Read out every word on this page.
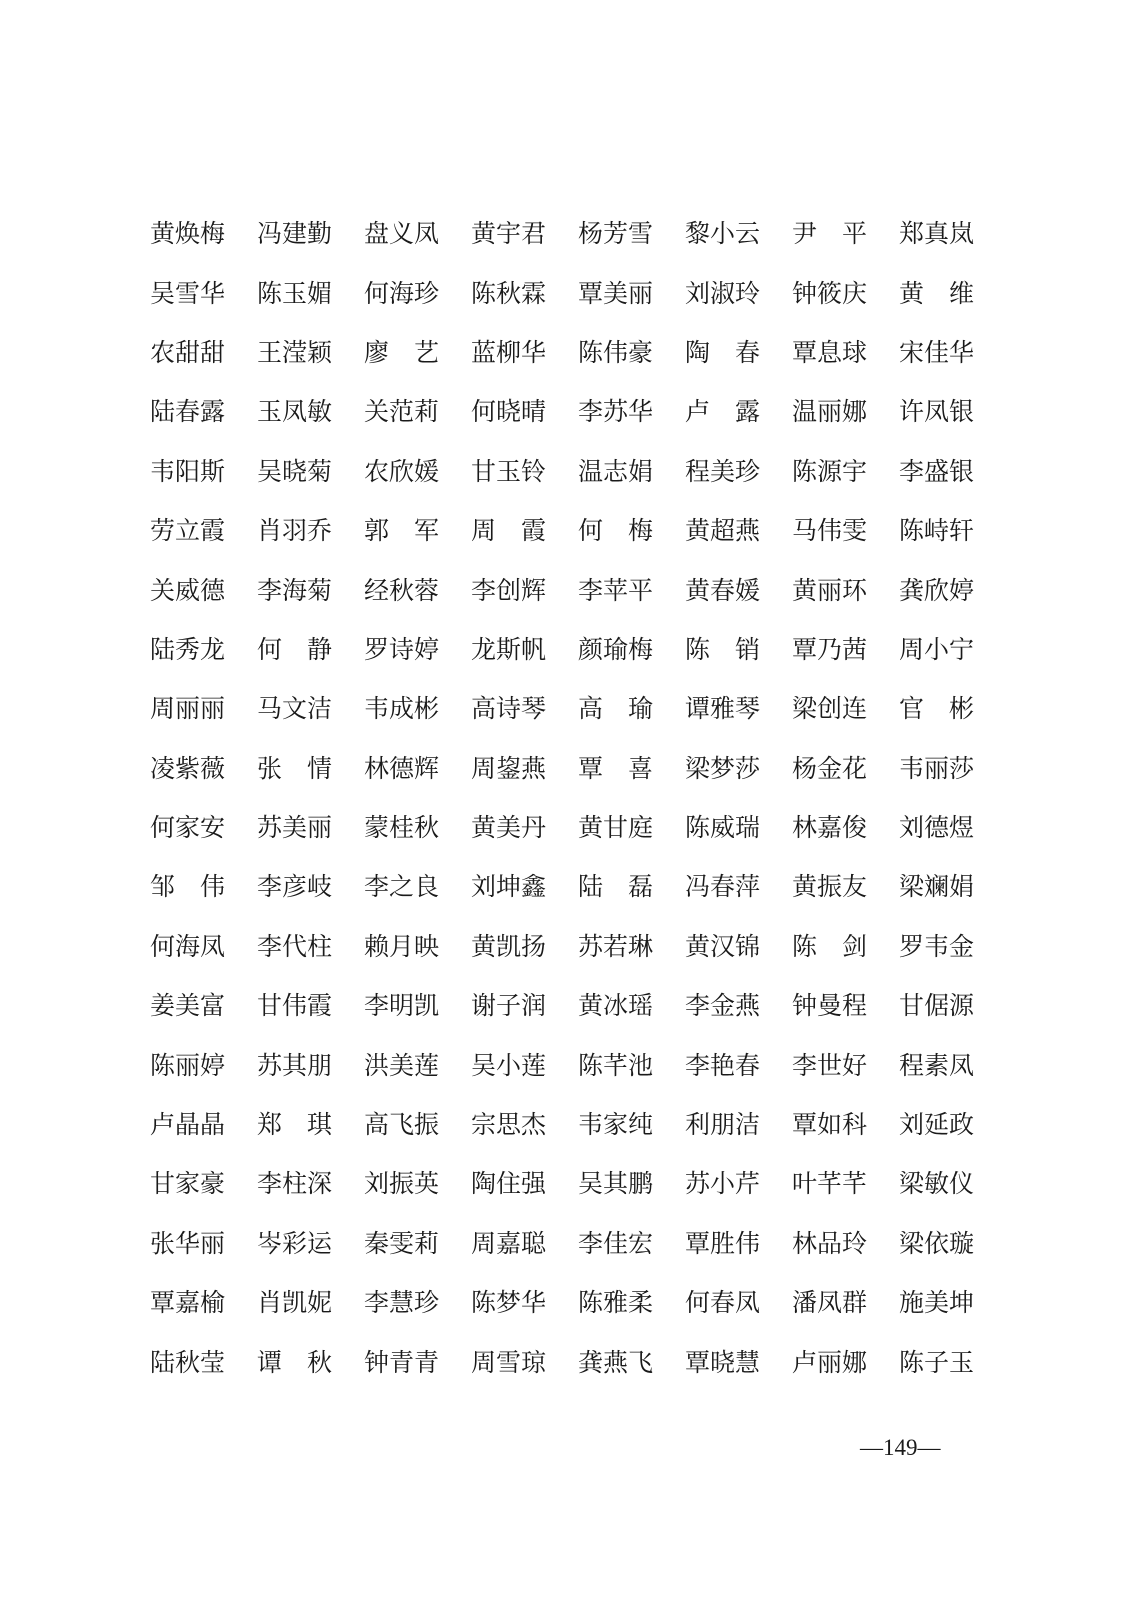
黄焕梅 冯建勤 盘义凤 黄宇君 杨芳雪 黎小云 尹　平 郑真岚
吴雪华 陈玉媚 何海珍 陈秋霖 覃美丽 刘淑玲 钟筱庆 黄　维
农甜甜 王滢颖 廖　艺 蓝柳华 陈伟豪 陶　春 覃息球 宋佳华
陆春露 玉凤敏 关范莉 何晓晴 李苏华 卢　露 温丽娜 许凤银
韦阳斯 吴晓菊 农欣媛 甘玉铃 温志娟 程美珍 陈源宇 李盛银
劳立霞 肖羽乔 郭　军 周　霞 何　梅 黄超燕 马伟雯 陈峙轩
关威德 李海菊 经秋蓉 李创辉 李苹平 黄春媛 黄丽环 龚欣婷
陆秀龙 何　静 罗诗婷 龙斯帆 颜瑜梅 陈　销 覃乃茜 周小宁
周丽丽 马文洁 韦成彬 高诗琴 高　瑜 谭雅琴 梁创连 官　彬
凌紫薇 张　情 林德辉 周鋆燕 覃　喜 梁梦莎 杨金花 韦丽莎
何家安 苏美丽 蒙桂秋 黄美丹 黄甘庭 陈威瑞 林嘉俊 刘德煜
邹　伟 李彦岐 李之良 刘坤鑫 陆　磊 冯春萍 黄振友 梁斓娟
何海凤 李代柱 赖月映 黄凯扬 苏若琳 黄汉锦 陈　剑 罗韦金
姜美富 甘伟霞 李明凯 谢子润 黄冰瑶 李金燕 钟曼程 甘倨源
陈丽婷 苏其朋 洪美莲 吴小莲 陈芊池 李艳春 李世好 程素凤
卢晶晶 郑　琪 高飞振 宗思杰 韦家纯 利朋洁 覃如科 刘延政
甘家豪 李柱深 刘振英 陶住强 吴其鹏 苏小芹 叶芊芊 梁敏仪
张华丽 岑彩运 秦雯莉 周嘉聪 李佳宏 覃胜伟 林品玲 梁依璇
覃嘉榆 肖凯妮 李慧珍 陈梦华 陈雅柔 何春凤 潘凤群 施美坤
陆秋莹 谭　秋 钟青青 周雪琼 龚燕飞 覃晓慧 卢丽娜 陈子玉
—149—
